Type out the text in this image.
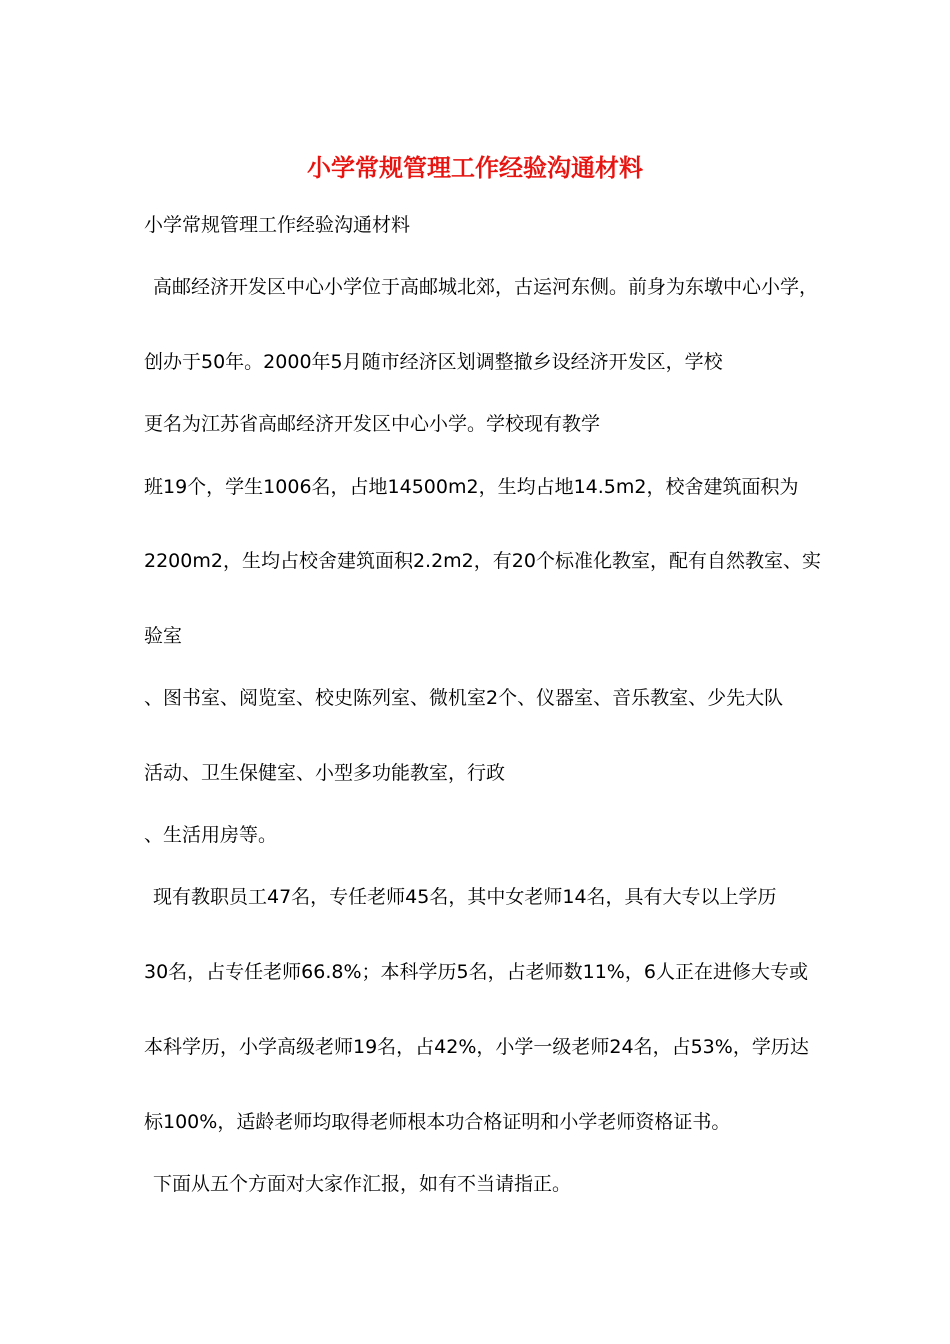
小学常规管理工作经验沟通材料
小学常规管理工作经验沟通材料
高邮经济开发区中心小学位于高邮城北郊，古运河东侧。前身为东墩中心小学，
创办于50年。2000年5月随市经济区划调整撤乡设经济开发区，学校
更名为江苏省高邮经济开发区中心小学。学校现有教学
班19个，学生1006名，占地14500m2，生均占地14.5m2，校舍建筑面积为
2200m2，生均占校舍建筑面积2.2m2，有20个标准化教室，配有自然教室、实
验室
、图书室、阅览室、校史陈列室、微机室2个、仪器室、音乐教室、少先大队
活动、卫生保健室、小型多功能教室，行政
、生活用房等。
现有教职员工47名，专任老师45名，其中女老师14名，具有大专以上学历
30名，占专任老师66.8%；本科学历5名，占老师数11%，6人正在进修大专或
本科学历，小学高级老师19名，占42%，小学一级老师24名，占53%，学历达
标100%，适龄老师均取得老师根本功合格证明和小学老师资格证书。
下面从五个方面对大家作汇报，如有不当请指正。
